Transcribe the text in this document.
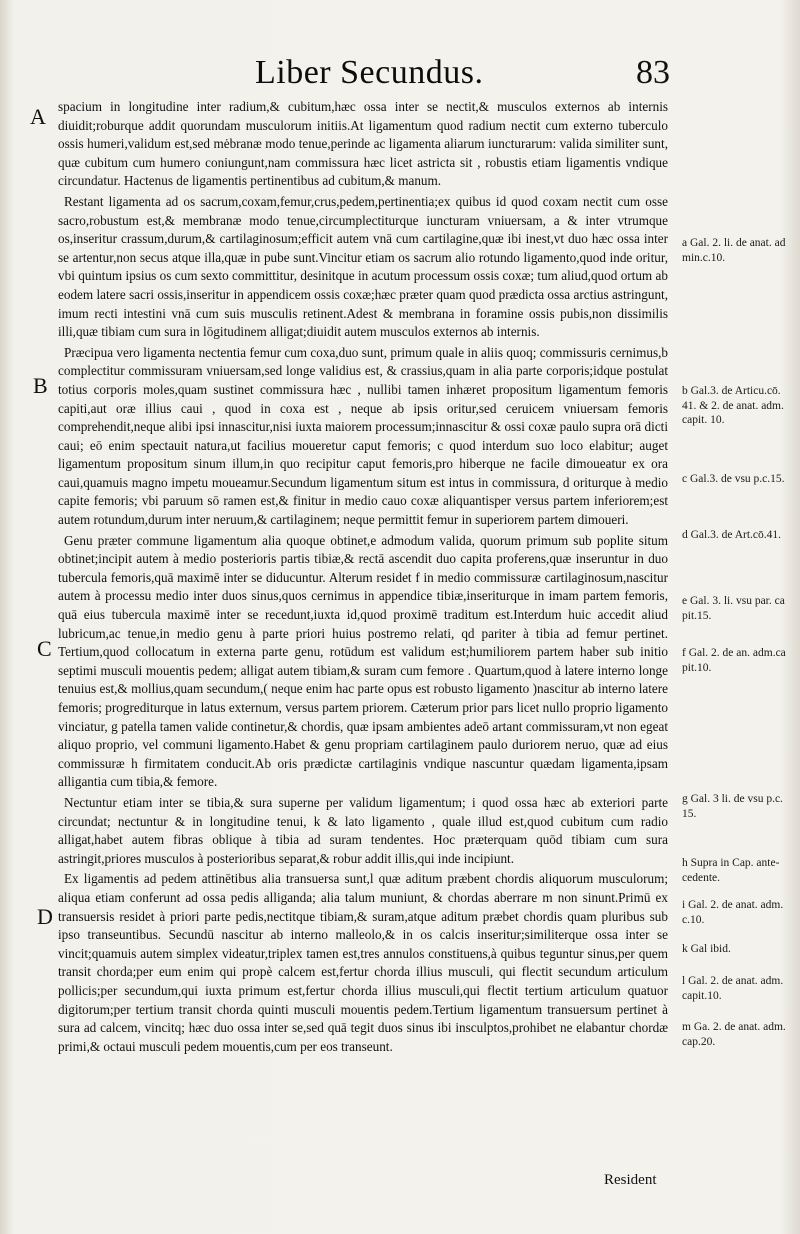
Liber Secundus.	83
A
B
C
D

spacium in longitudine inter radium,& cubitum,hæc ossa inter se nectit,& musculos externos ab internis diuidit;roburque addit quorundam musculorum initiis.At ligamentum quod radium nectit cum externo tuberculo ossis humeri,validum est,sed mėbranæ modo tenue,perinde ac ligamenta aliarum iuncturarum: valida similiter sunt, quæ cubitum cum humero coniungunt,nam commissura hæc licet astricta sit , robustis etiam ligamentis vndique circundatur. Hactenus de ligamentis pertinentibus ad cubitum,& manum.

Restant ligamenta ad os sacrum,coxam,femur,crus,pedem,pertinentia;ex quibus id quod coxam nectit cum osse sacro,robustum est,& membranæ modo tenue,circumplectiturque iuncturam vniuersam, a & inter vtrumque os,inseritur crassum,durum,& cartilaginosum;efficit autem vnā cum cartilagine,quæ ibi inest,vt duo hæc ossa inter se artentur,non secus atque illa,quæ in pube sunt.Vincitur etiam os sacrum alio rotundo ligamento,quod inde oritur, vbi quintum ipsius os cum sexto committitur, desinitque in acutum processum ossis coxæ; tum aliud,quod ortum ab eodem latere sacri ossis,inseritur in appendicem ossis coxæ;hæc præter quam quod prædicta ossa arctius astringunt, imum recti intestini vnā cum suis musculis retinent.Adest & membrana in foramine ossis pubis,non dissimilis illi,quæ tibiam cum sura in lōgitudinem alligat;diuidit autem musculos externos ab internis.

Præcipua vero ligamenta nectentia femur cum coxa,duo sunt, primum quale in aliis quoq; commissuris cernimus,b complectitur commissuram vniuersam,sed longe validius est, & crassius,quam in alia parte corporis;idque postulat totius corporis moles,quam sustinet commissura hæc , nullibi tamen inhæret propositum ligamentum femoris capiti,aut oræ illius caui , quod in coxa est , neque ab ipsis oritur,sed ceruicem vniuersam femoris comprehendit,neque alibi ipsi innascitur,nisi iuxta maiorem processum;innascitur & ossi coxæ paulo supra orā dicti caui; eō enim spectauit natura,ut facilius moueretur caput femoris; c quod interdum suo loco elabitur; auget ligamentum propositum sinum illum,in quo recipitur caput femoris,pro hiberque ne facile dimoueatur ex ora caui,quamuis magno impetu moueamur.Secundum ligamentum situm est intus in commissura, d oriturque à medio capite femoris; vbi paruum sō ramen est,& finitur in medio cauo coxæ aliquantisper versus partem inferiorem;est autem rotundum,durum inter neruum,& cartilaginem; neque permittit femur in superiorem partem dimoueri.

Genu præter commune ligamentum alia quoque obtinet,e admodum valida, quorum primum sub poplite situm obtinet;incipit autem à medio posterioris partis tibiæ,& rectā ascendit duo capita proferens,quæ inseruntur in duo tubercula femoris,quā maximē inter se diducuntur. Alterum residet f in medio commissuræ cartilaginosum,nascitur autem à processu medio inter duos sinus,quos cernimus in appendice tibiæ,inseriturque in imam partem femoris, quā eius tubercula maximē inter se recedunt,iuxta id,quod proximē traditum est.Interdum huic accedit aliud lubricum,ac tenue,in medio genu à parte priori huius postremo relati, qd pariter à tibia ad femur pertinet. Tertium,quod collocatum in externa parte genu, rotūdum est validum est;humiliorem partem haber sub initio septimi musculi mouentis pedem; alligat autem tibiam,& suram cum femore . Quartum,quod à latere interno longe tenuius est,& mollius,quam secundum,( neque enim hac parte opus est robusto ligamento )nascitur ab interno latere femoris; progrediturque in latus externum, versus partem priorem. Cæterum prior pars licet nullo proprio ligamento vinciatur, g patella tamen valide continetur,& chordis, quæ ipsam ambientes adeō artant commissuram,vt non egeat aliquo proprio, vel communi ligamento.Habet & genu propriam cartilaginem paulo duriorem neruo, quæ ad eius commissuræ h firmitatem conducit.Ab oris prædictæ cartilaginis vndique nascuntur quædam ligamenta,ipsam alligantia cum tibia,& femore.

Nectuntur etiam inter se tibia,& sura superne per validum ligamentum; i quod ossa hæc ab exteriori parte circundat; nectuntur & in longitudine tenui, k & lato ligamento , quale illud est,quod cubitum cum radio alligat,habet autem fibras oblique à tibia ad suram tendentes. Hoc præterquam quōd tibiam cum sura astringit,priores musculos à posterioribus separat,& robur addit illis,qui inde incipiunt.

Ex ligamentis ad pedem attinētibus alia transuersa sunt,l quæ aditum præbent chordis aliquorum musculorum; aliqua etiam conferunt ad ossa pedis alliganda; alia talum muniunt, & chordas aberrare m non sinunt.Primū ex transuersis residet à priori parte pedis,nectitque tibiam,& suram,atque aditum præbet chordis quam pluribus sub ipso transeuntibus. Secundū nascitur ab interno malleolo,& in os calcis inseritur;similiterque ossa inter se vincit;quamuis autem simplex videatur,triplex tamen est,tres annulos constituens,à quibus teguntur sinus,per quem transit chorda;per eum enim qui propè calcem est,fertur chorda illius musculi, qui flectit secundum articulum pollicis;per secundum,qui iuxta primum est,fertur chorda illius musculi,qui flectit tertium articulum quatuor digitorum;per tertium transit chorda quinti musculi mouentis pedem.Tertium ligamentum transuersum pertinet à sura ad calcem, vincitq; hæc duo ossa inter se,sed quā tegit duos sinus ibi insculptos,prohibet ne elabantur chordæ primi,& octaui musculi pedem mouentis,cum per eos transeunt.

a Gal. 2. li. de anat. ad min.c.10.
b Gal.3. de Articu.cō. 41. & 2. de anat. adm. capit. 10.
c Gal.3. de vsu p.c.15.
d Gal.3. de Art.cō.41.
e Gal. 3. li. vsu par. ca pit.15.
f Gal. 2. de an. adm.ca pit.10.
g Gal. 3 li. de vsu p.c. 15.
h Supra in Cap. ante-cedente.
i Gal. 2. de anat. adm. c.10.
k Gal ibid.
l Gal. 2. de anat. adm. capit.10.
m Ga. 2. de anat. adm. cap.20.
Resident
